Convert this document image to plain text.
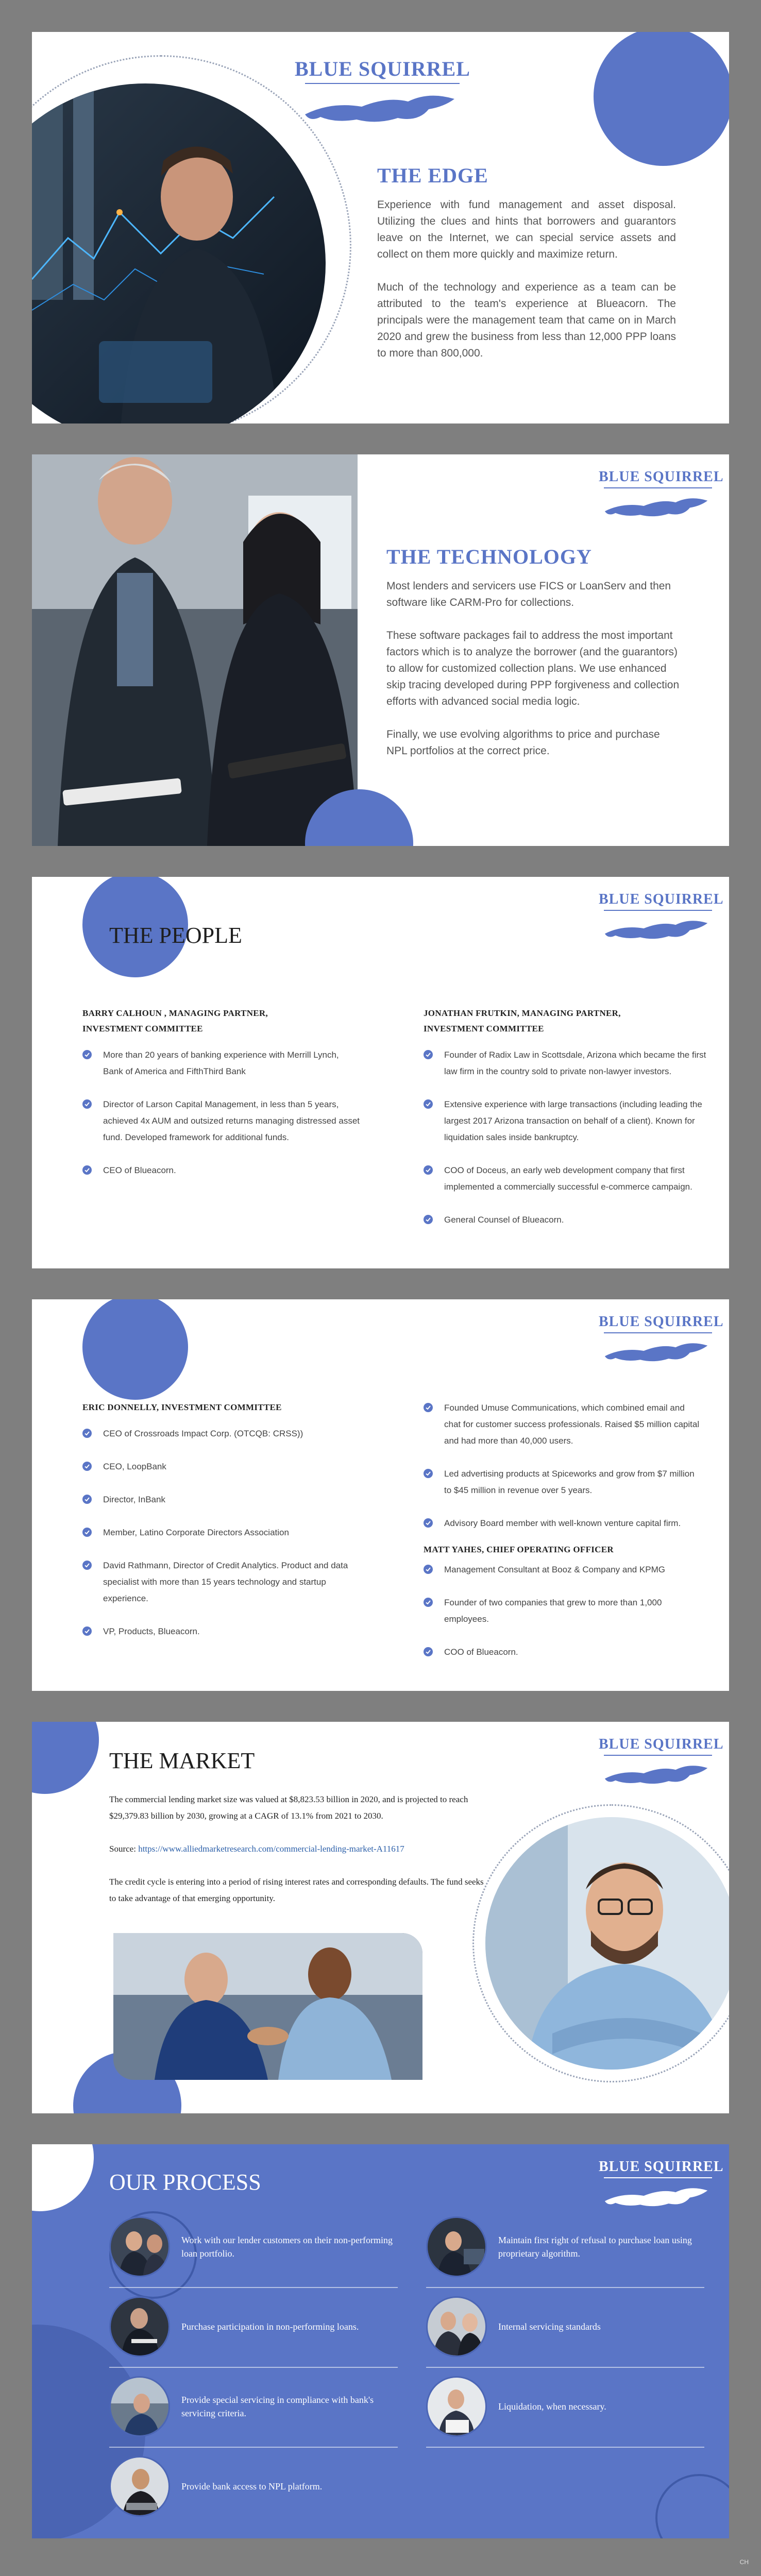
BLUE SQUIRREL
THE EDGE

Experience with fund management and asset disposal. Utilizing the clues and hints that borrowers and guarantors leave on the Internet, we can special service assets and collect on them more quickly and maximize return.

Much of the technology and experience as a team can be attributed to the team's experience at Blueacorn. The principals were the management team that came on in March 2020 and grew the business from less than 12,000 PPP loans to more than 800,000.

BLUE SQUIRREL
THE TECHNOLOGY

Most lenders and servicers use FICS or LoanServ and then software like CARM-Pro for collections.

These software packages fail to address the most important factors which is to analyze the borrower (and the guarantors) to allow for customized collection plans. We use enhanced skip tracing developed during PPP forgiveness and collection efforts with advanced social media logic.

Finally, we use evolving algorithms to price and purchase NPL portfolios at the correct price.

THE PEOPLE
BLUE SQUIRREL
BARRY CALHOUN , MANAGING PARTNER,
INVESTMENT COMMITTEE
More than 20 years of banking experience with Merrill Lynch, Bank of America and FifthThird Bank
Director of Larson Capital Management, in less than 5 years, achieved 4x AUM and outsized returns managing distressed asset fund. Developed framework for additional funds.
CEO of Blueacorn.
JONATHAN FRUTKIN, MANAGING PARTNER,
INVESTMENT COMMITTEE
Founder of Radix Law in Scottsdale, Arizona which became the first law firm in the country sold to private non-lawyer investors.
Extensive experience with large transactions (including leading the largest 2017 Arizona transaction on behalf of a client). Known for liquidation sales inside bankruptcy.
COO of Doceus, an early web development company that first implemented a commercially successful e-commerce campaign.
General Counsel of Blueacorn.
BLUE SQUIRREL
ERIC DONNELLY, INVESTMENT COMMITTEE
CEO of Crossroads Impact Corp. (OTCQB: CRSS))
CEO, LoopBank
Director, InBank
Member, Latino Corporate Directors Association
David Rathmann, Director of Credit Analytics. Product and data specialist with more than 15 years technology and startup experience.
VP, Products, Blueacorn.
Founded Umuse Communications, which combined email and chat for customer success professionals. Raised $5 million capital and had more than 40,000 users.
Led advertising products at Spiceworks and grow from $7 million to $45 million in revenue over 5 years.
Advisory Board member with well-known venture capital firm.
MATT YAHES, CHIEF OPERATING OFFICER
Management Consultant at Booz & Company and KPMG
Founder of two companies that grew to more than 1,000 employees.
COO of Blueacorn.
THE MARKET
BLUE SQUIRREL

The commercial lending market size was valued at $8,823.53 billion in 2020, and is projected to reach $29,379.83 billion by 2030, growing at a CAGR of 13.1% from 2021 to 2030.

Source: https://www.alliedmarketresearch.com/commercial-lending-market-A11617

The credit cycle is entering into a period of rising interest rates and corresponding defaults. The fund seeks to take advantage of that emerging opportunity.

OUR PROCESS
BLUE SQUIRREL
Work with our lender customers on their non-performing loan portfolio.
Purchase participation in non-performing loans.
Provide special servicing in compliance with bank's servicing criteria.
Provide bank access to NPL platform.
Maintain first right of refusal to purchase loan using proprietary algorithm.
Internal servicing standards
Liquidation, when necessary.
CH
